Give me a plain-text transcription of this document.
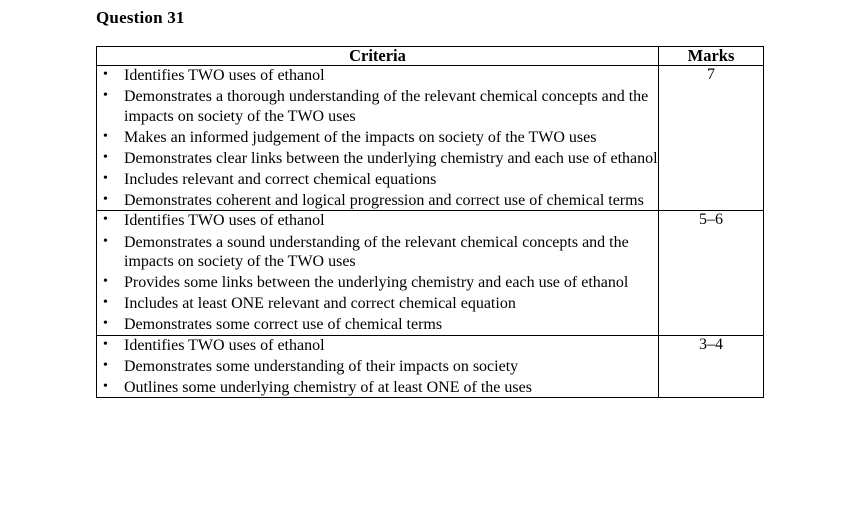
Question 31
Criteria	Marks

• Identifies TWO uses of ethanol
• Demonstrates a thorough understanding of the relevant chemical concepts and the impacts on society of the TWO uses
• Makes an informed judgement of the impacts on society of the TWO uses
• Demonstrates clear links between the underlying chemistry and each use of ethanol
• Includes relevant and correct chemical equations
• Demonstrates coherent and logical progression and correct use of chemical terms
	7

• Identifies TWO uses of ethanol
• Demonstrates a sound understanding of the relevant chemical concepts and the impacts on society of the TWO uses
• Provides some links between the underlying chemistry and each use of ethanol
• Includes at least ONE relevant and correct chemical equation
• Demonstrates some correct use of chemical terms
	5–6

• Identifies TWO uses of ethanol
• Demonstrates some understanding of their impacts on society
• Outlines some underlying chemistry of at least ONE of the uses
	3–4
